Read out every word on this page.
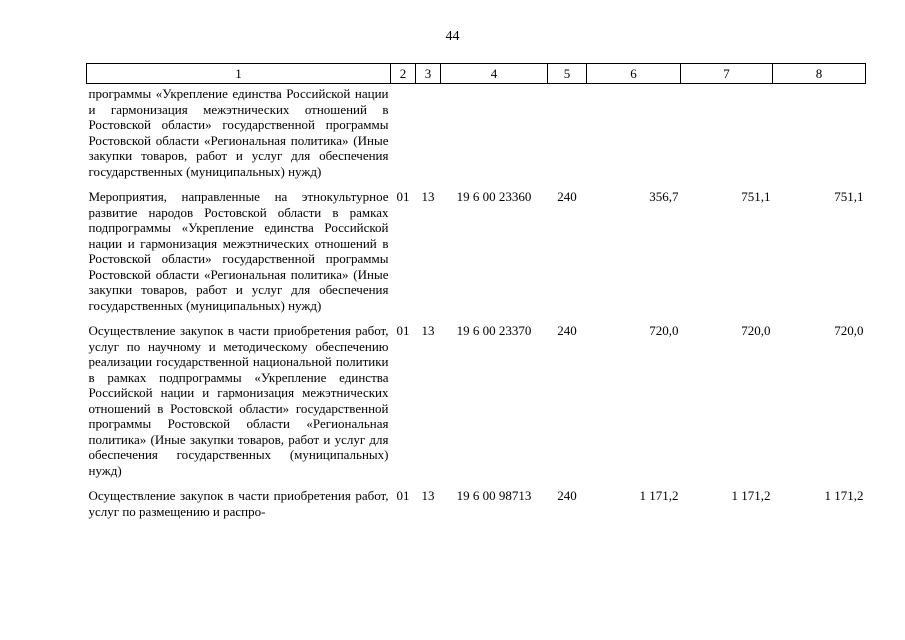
44
1	2	3	4	5	6	7	8
программы «Укрепление единства Российской нации и гармонизация межэтнических отношений в Ростовской области» государственной программы Ростовской области «Региональная политика» (Иные закупки товаров, работ и услуг для обеспечения государственных (муниципальных) нужд)							
Мероприятия, направленные на этнокультурное развитие народов Ростовской области в рамках подпрограммы «Укрепление единства Российской нации и гармонизация межэтнических отношений в Ростовской области» государственной программы Ростовской области «Региональная политика» (Иные закупки товаров, работ и услуг для обеспечения государственных (муниципальных) нужд)	01	13	19 6 00 23360	240	356,7	751,1	751,1
Осуществление закупок в части приобретения работ, услуг по научному и методическому обеспечению реализации государственной национальной политики в рамках подпрограммы «Укрепление единства Российской нации и гармонизация межэтнических отношений в Ростовской области» государственной программы Ростовской области «Региональная политика» (Иные закупки товаров, работ и услуг для обеспечения государственных (муниципальных) нужд)	01	13	19 6 00 23370	240	720,0	720,0	720,0
Осуществление закупок в части приобретения работ, услуг по размещению и распро-	01	13	19 6 00 98713	240	1 171,2	1 171,2	1 171,2
